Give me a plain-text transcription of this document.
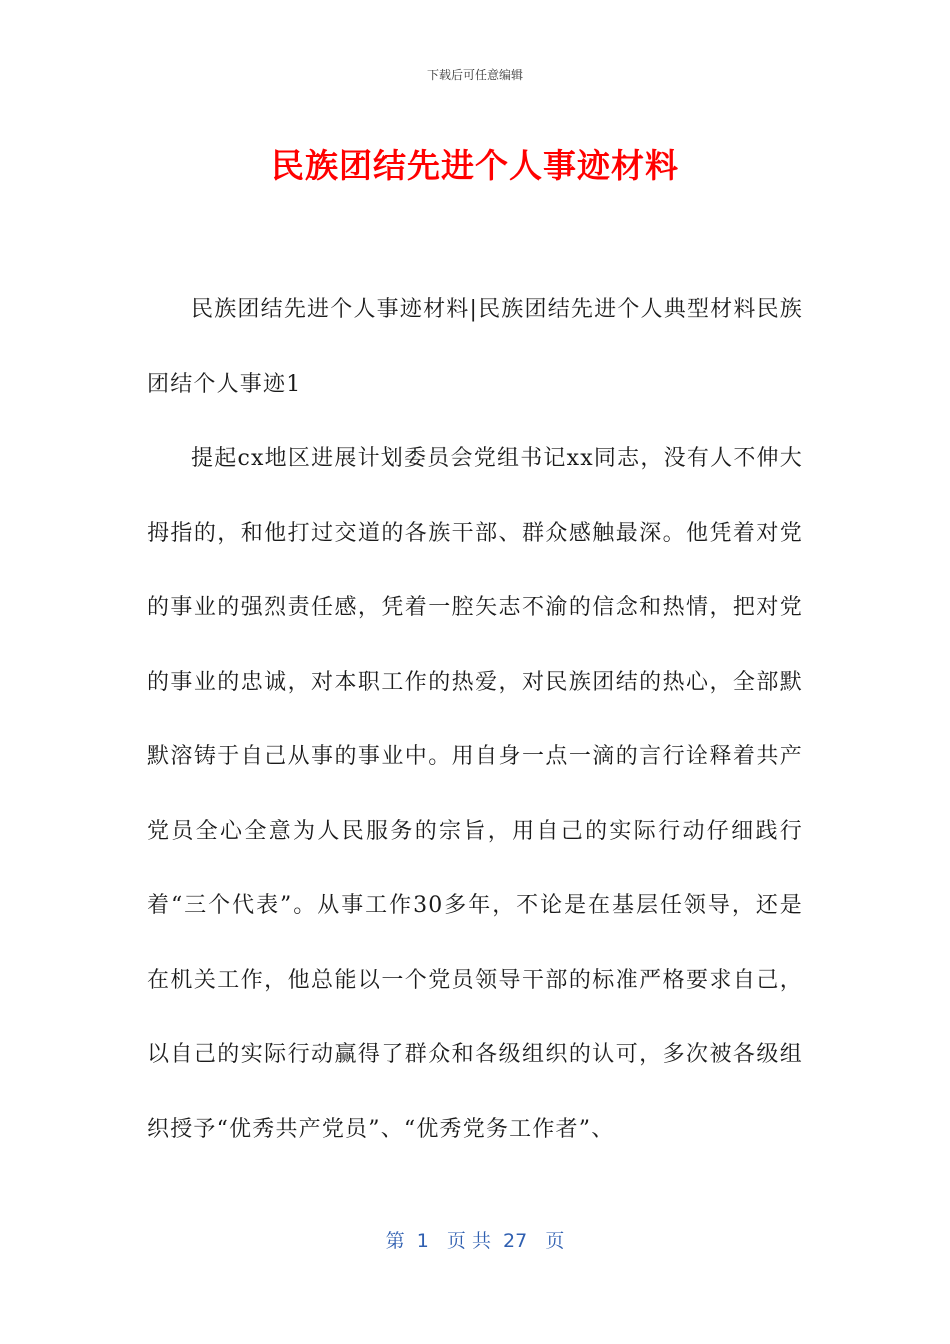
下载后可任意编辑
民族团结先进个人事迹材料

民族团结先进个人事迹材料|民族团结先进个人典型材料民族团结个人事迹1

提起cx地区进展计划委员会党组书记xx同志，没有人不伸大拇指的，和他打过交道的各族干部、群众感触最深。他凭着对党的事业的强烈责任感，凭着一腔矢志不渝的信念和热情，把对党的事业的忠诚，对本职工作的热爱，对民族团结的热心，全部默默溶铸于自己从事的事业中。用自身一点一滴的言行诠释着共产党员全心全意为人民服务的宗旨，用自己的实际行动仔细践行着“三个代表”。从事工作30多年，不论是在基层任领导，还是在机关工作，他总能以一个党员领导干部的标准严格要求自己，以自己的实际行动赢得了群众和各级组织的认可，多次被各级组织授予“优秀共产党员”、“优秀党务工作者”、

第  1   页 共  27   页
